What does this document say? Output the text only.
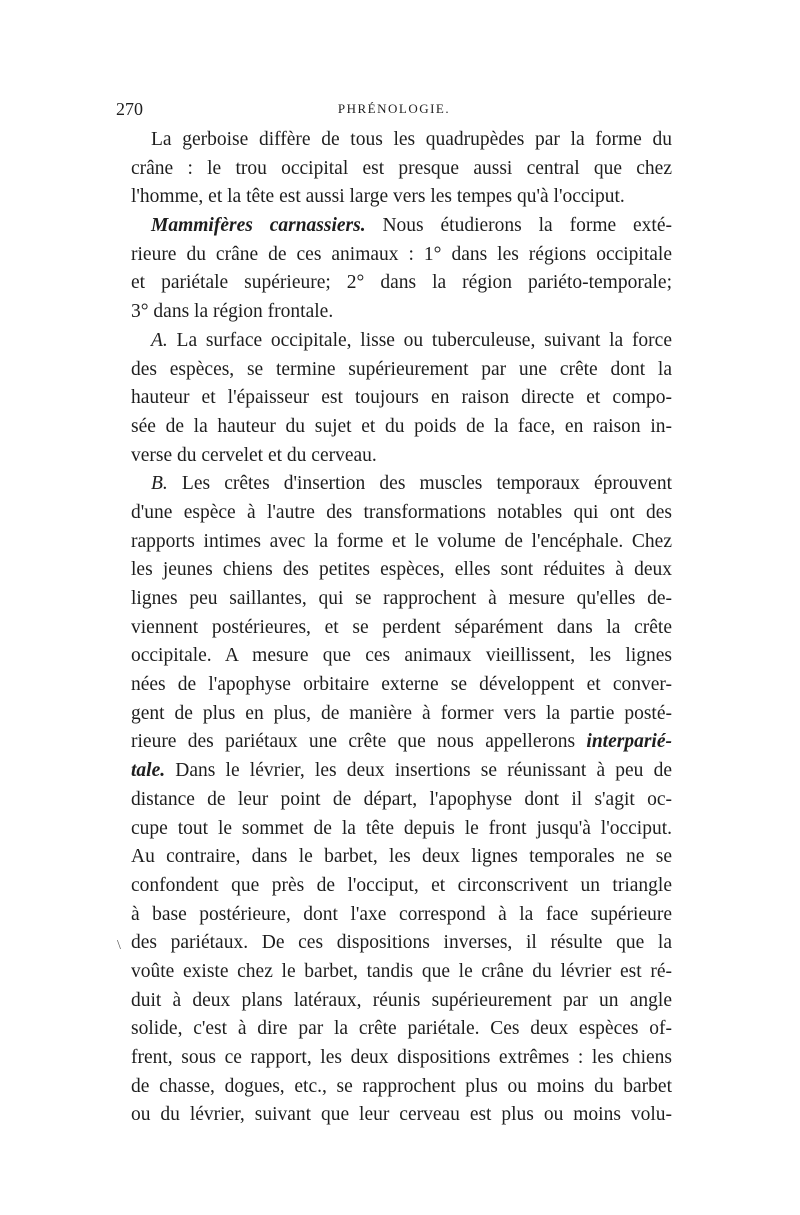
270	PHRÉNOLOGIE.
\
La gerboise diffère de tous les quadrupèdes par la forme du
crâne : le trou occipital est presque aussi central que chez
l'homme, et la tête est aussi large vers les tempes qu'à l'occiput.
Mammifères carnassiers. Nous étudierons la forme exté-
rieure du crâne de ces animaux : 1° dans les régions occipitale
et pariétale supérieure; 2° dans la région pariéto-temporale;
3° dans la région frontale.
A. La surface occipitale, lisse ou tuberculeuse, suivant la force
des espèces, se termine supérieurement par une crête dont la
hauteur et l'épaisseur est toujours en raison directe et compo-
sée de la hauteur du sujet et du poids de la face, en raison in-
verse du cervelet et du cerveau.
B. Les crêtes d'insertion des muscles temporaux éprouvent
d'une espèce à l'autre des transformations notables qui ont des
rapports intimes avec la forme et le volume de l'encéphale. Chez
les jeunes chiens des petites espèces, elles sont réduites à deux
lignes peu saillantes, qui se rapprochent à mesure qu'elles de-
viennent postérieures, et se perdent séparément dans la crête
occipitale. A mesure que ces animaux vieillissent, les lignes
nées de l'apophyse orbitaire externe se développent et conver-
gent de plus en plus, de manière à former vers la partie posté-
rieure des pariétaux une crête que nous appellerons interparié-
tale. Dans le lévrier, les deux insertions se réunissant à peu de
distance de leur point de départ, l'apophyse dont il s'agit oc-
cupe tout le sommet de la tête depuis le front jusqu'à l'occiput.
Au contraire, dans le barbet, les deux lignes temporales ne se
confondent que près de l'occiput, et circonscrivent un triangle
à base postérieure, dont l'axe correspond à la face supérieure
des pariétaux. De ces dispositions inverses, il résulte que la
voûte existe chez le barbet, tandis que le crâne du lévrier est ré-
duit à deux plans latéraux, réunis supérieurement par un angle
solide, c'est à dire par la crête pariétale. Ces deux espèces of-
frent, sous ce rapport, les deux dispositions extrêmes : les chiens
de chasse, dogues, etc., se rapprochent plus ou moins du barbet
ou du lévrier, suivant que leur cerveau est plus ou moins volu-
